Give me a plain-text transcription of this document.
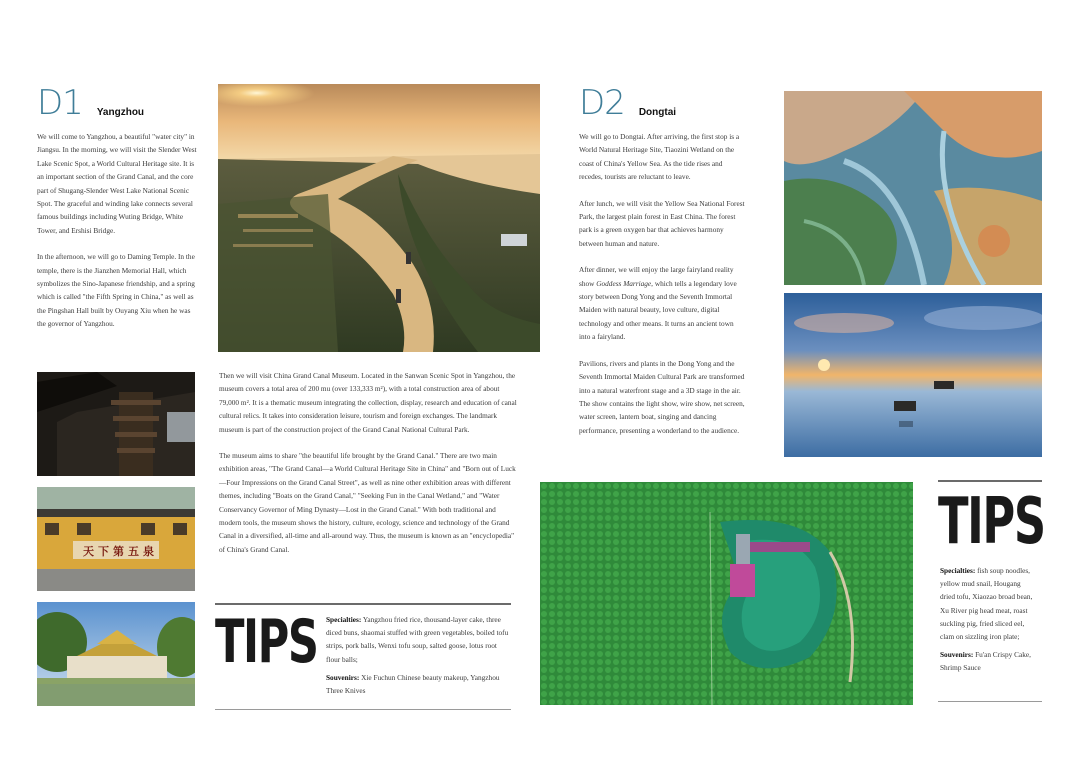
D1 Yangzhou

We will come to Yangzhou, a beautiful "water city" in Jiangsu. In the morning, we will visit the Slender West Lake Scenic Spot, a World Cultural Heritage site. It is an important section of the Grand Canal, and the core part of Shugang-Slender West Lake National Scenic Spot. The graceful and winding lake connects several famous buildings including Wuting Bridge, White Tower, and Ershisi Bridge.

In the afternoon, we will go to Daming Temple. In the temple, there is the Jianzhen Memorial Hall, which symbolizes the Sino-Japanese friendship, and a spring which is called "the Fifth Spring in China," as well as the Pingshan Hall built by Ouyang Xiu when he was the governor of Yangzhou.

天下第五泉

Then we will visit China Grand Canal Museum. Located in the Sanwan Scenic Spot in Yangzhou, the museum covers a total area of 200 mu (over 133,333 m²), with a total construction area of about 79,000 m². It is a thematic museum integrating the collection, display, research and education of canal cultural relics. It takes into consideration leisure, tourism and foreign exchanges. The landmark museum is part of the construction project of the Grand Canal National Cultural Park.

The museum aims to share "the beautiful life brought by the Grand Canal." There are two main exhibition areas, "The Grand Canal—a World Cultural Heritage Site in China" and "Born out of Luck—Four Impressions on the Grand Canal Street", as well as nine other exhibition areas with different themes, including "Boats on the Grand Canal," "Seeking Fun in the Canal Wetland," and "Water Conservancy Governor of Ming Dynasty—Lost in the Grand Canal." With both traditional and modern tools, the museum shows the history, culture, ecology, science and technology of the Grand Canal in a diversified, all-time and all-around way. Thus, the museum is known as an "encyclopedia" of China's Grand Canal.

TIPS Specialties: Yangzhou fried rice, thousand-layer cake, three diced buns, shaomai stuffed with green vegetables, boiled tofu strips, pork balls, Wenxi tofu soup, salted goose, lotus root flour balls;

Souvenirs: Xie Fuchun Chinese beauty makeup, Yangzhou Three Knives

D2 Dongtai

We will go to Dongtai. After arriving, the first stop is a World Natural Heritage Site, Tiaozini Wetland on the coast of China's Yellow Sea. As the tide rises and recedes, tourists are reluctant to leave.

After lunch, we will visit the Yellow Sea National Forest Park, the largest plain forest in East China. The forest park is a green oxygen bar that achieves harmony between human and nature.

After dinner, we will enjoy the large fairyland reality show Goddess Marriage, which tells a legendary love story between Dong Yong and the Seventh Immortal Maiden with natural beauty, love culture, digital technology and other means. It turns an ancient town into a fairyland.

Pavilions, rivers and plants in the Dong Yong and the Seventh Immortal Maiden Cultural Park are transformed into a natural waterfront stage and a 3D stage in the air. The show contains the light show, wire show, net screen, water screen, lantern boat, singing and dancing performance, presenting a wonderland to the audience.

TIPS

Specialties: fish soup noodles, yellow mud snail, Hougang dried tofu, Xiaozao broad bean, Xu River pig head meat, roast suckling pig, fried sliced eel, clam on sizzling iron plate;

Souvenirs: Fu'an Crispy Cake, Shrimp Sauce
